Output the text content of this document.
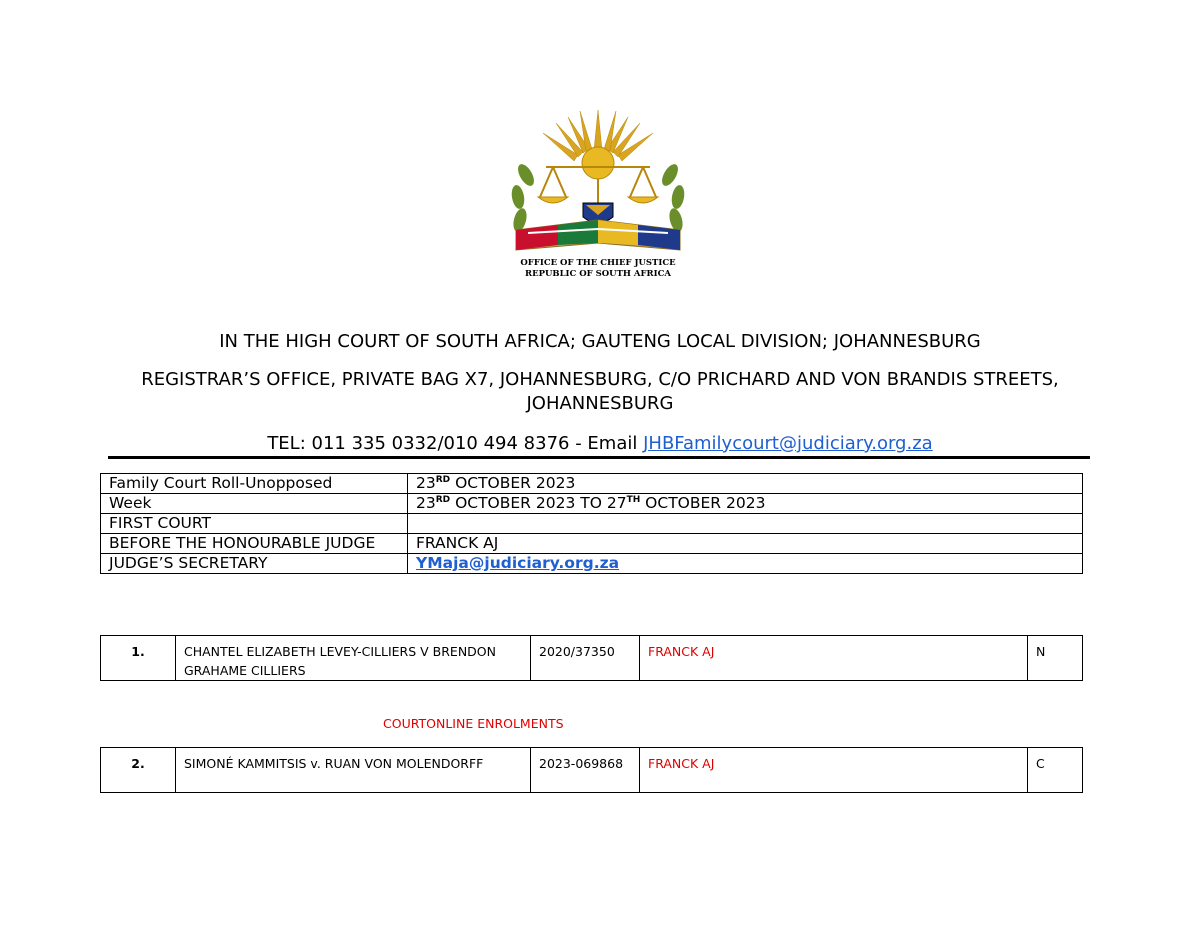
OFFICE OF THE CHIEF JUSTICE
REPUBLIC OF SOUTH AFRICA
IN THE HIGH COURT OF SOUTH AFRICA; GAUTENG LOCAL DIVISION; JOHANNESBURG
REGISTRAR’S OFFICE, PRIVATE BAG X7, JOHANNESBURG, C/O PRICHARD AND VON BRANDIS STREETS, JOHANNESBURG
TEL: 011 335 0332/010 494 8376 - Email JHBFamilycourt@judiciary.org.za
Family Court Roll-Unopposed	23RD OCTOBER 2023
Week	23RD OCTOBER 2023 TO 27TH OCTOBER 2023
FIRST COURT	
BEFORE THE HONOURABLE JUDGE	FRANCK AJ
JUDGE’S SECRETARY	YMaja@judiciary.org.za
1.	CHANTEL ELIZABETH LEVEY-CILLIERS V BRENDON GRAHAME CILLIERS	2020/37350	FRANCK AJ	N
COURTONLINE ENROLMENTS
2.	SIMONÉ KAMMITSIS v. RUAN VON MOLENDORFF	2023-069868	FRANCK AJ	C
